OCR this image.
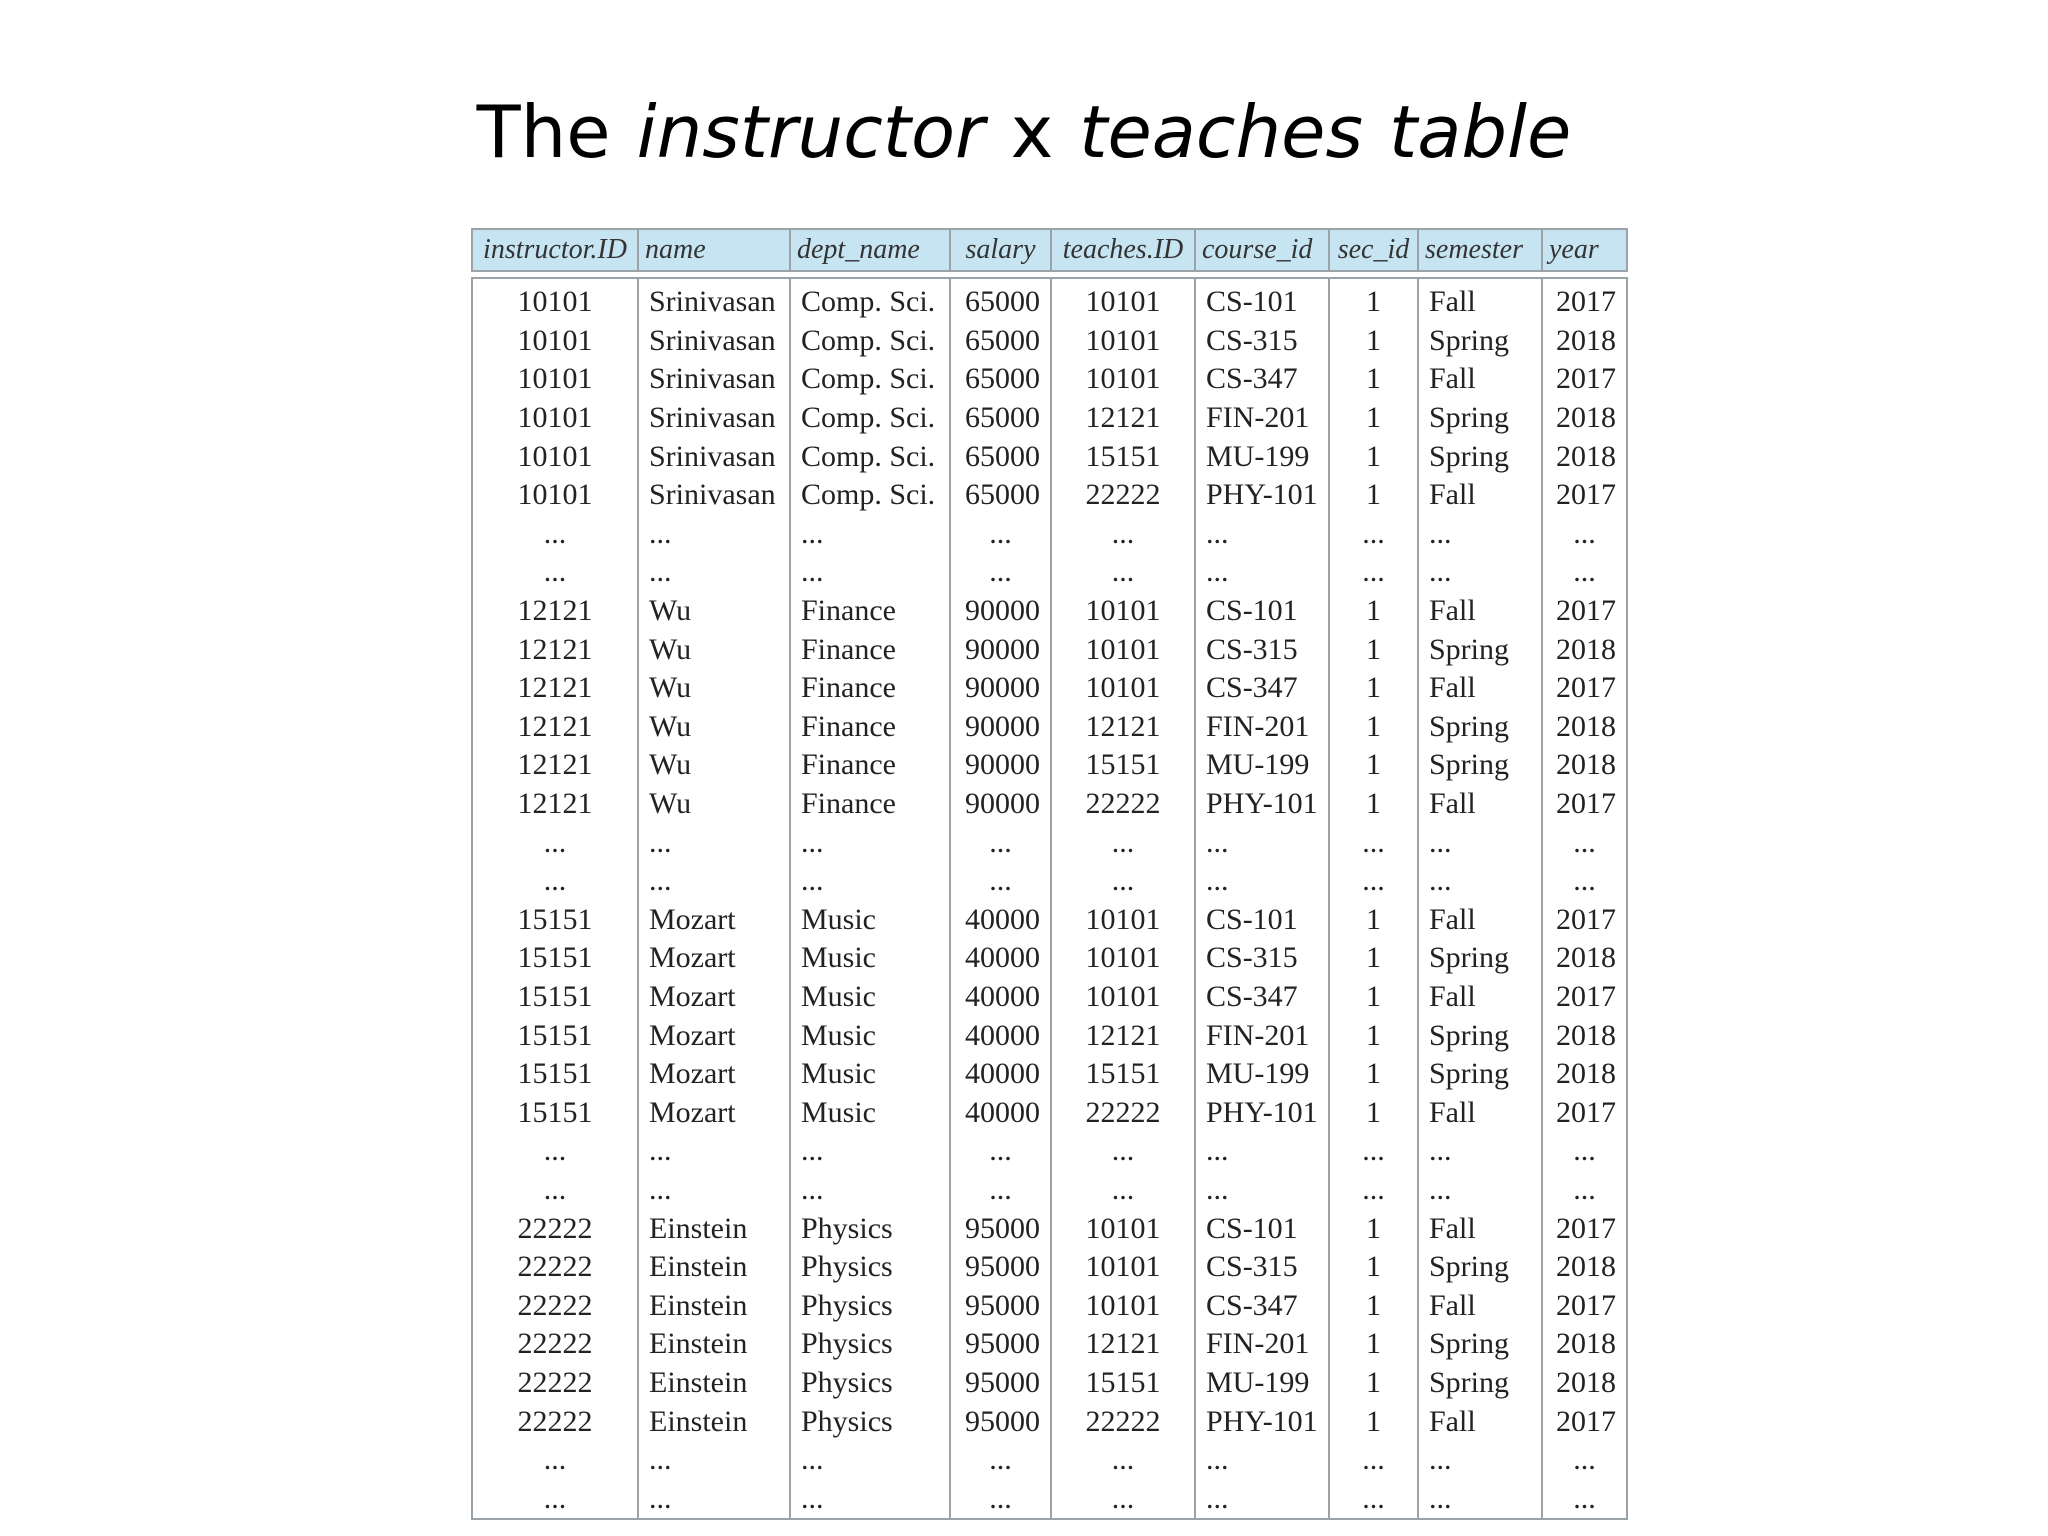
The instructor x teaches table
instructor.ID	name	dept_name	salary	teaches.ID	course_id	sec_id	semester	year

10101	Srinivasan	Comp. Sci.	65000	10101	CS-101	1	Fall	2017
10101	Srinivasan	Comp. Sci.	65000	10101	CS-315	1	Spring	2018
10101	Srinivasan	Comp. Sci.	65000	10101	CS-347	1	Fall	2017
10101	Srinivasan	Comp. Sci.	65000	12121	FIN-201	1	Spring	2018
10101	Srinivasan	Comp. Sci.	65000	15151	MU-199	1	Spring	2018
10101	Srinivasan	Comp. Sci.	65000	22222	PHY-101	1	Fall	2017
...	...	...	...	...	...	...	...	...
...	...	...	...	...	...	...	...	...
12121	Wu	Finance	90000	10101	CS-101	1	Fall	2017
12121	Wu	Finance	90000	10101	CS-315	1	Spring	2018
12121	Wu	Finance	90000	10101	CS-347	1	Fall	2017
12121	Wu	Finance	90000	12121	FIN-201	1	Spring	2018
12121	Wu	Finance	90000	15151	MU-199	1	Spring	2018
12121	Wu	Finance	90000	22222	PHY-101	1	Fall	2017
...	...	...	...	...	...	...	...	...
...	...	...	...	...	...	...	...	...
15151	Mozart	Music	40000	10101	CS-101	1	Fall	2017
15151	Mozart	Music	40000	10101	CS-315	1	Spring	2018
15151	Mozart	Music	40000	10101	CS-347	1	Fall	2017
15151	Mozart	Music	40000	12121	FIN-201	1	Spring	2018
15151	Mozart	Music	40000	15151	MU-199	1	Spring	2018
15151	Mozart	Music	40000	22222	PHY-101	1	Fall	2017
...	...	...	...	...	...	...	...	...
...	...	...	...	...	...	...	...	...
22222	Einstein	Physics	95000	10101	CS-101	1	Fall	2017
22222	Einstein	Physics	95000	10101	CS-315	1	Spring	2018
22222	Einstein	Physics	95000	10101	CS-347	1	Fall	2017
22222	Einstein	Physics	95000	12121	FIN-201	1	Spring	2018
22222	Einstein	Physics	95000	15151	MU-199	1	Spring	2018
22222	Einstein	Physics	95000	22222	PHY-101	1	Fall	2017
...	...	...	...	...	...	...	...	...
...	...	...	...	...	...	...	...	...
